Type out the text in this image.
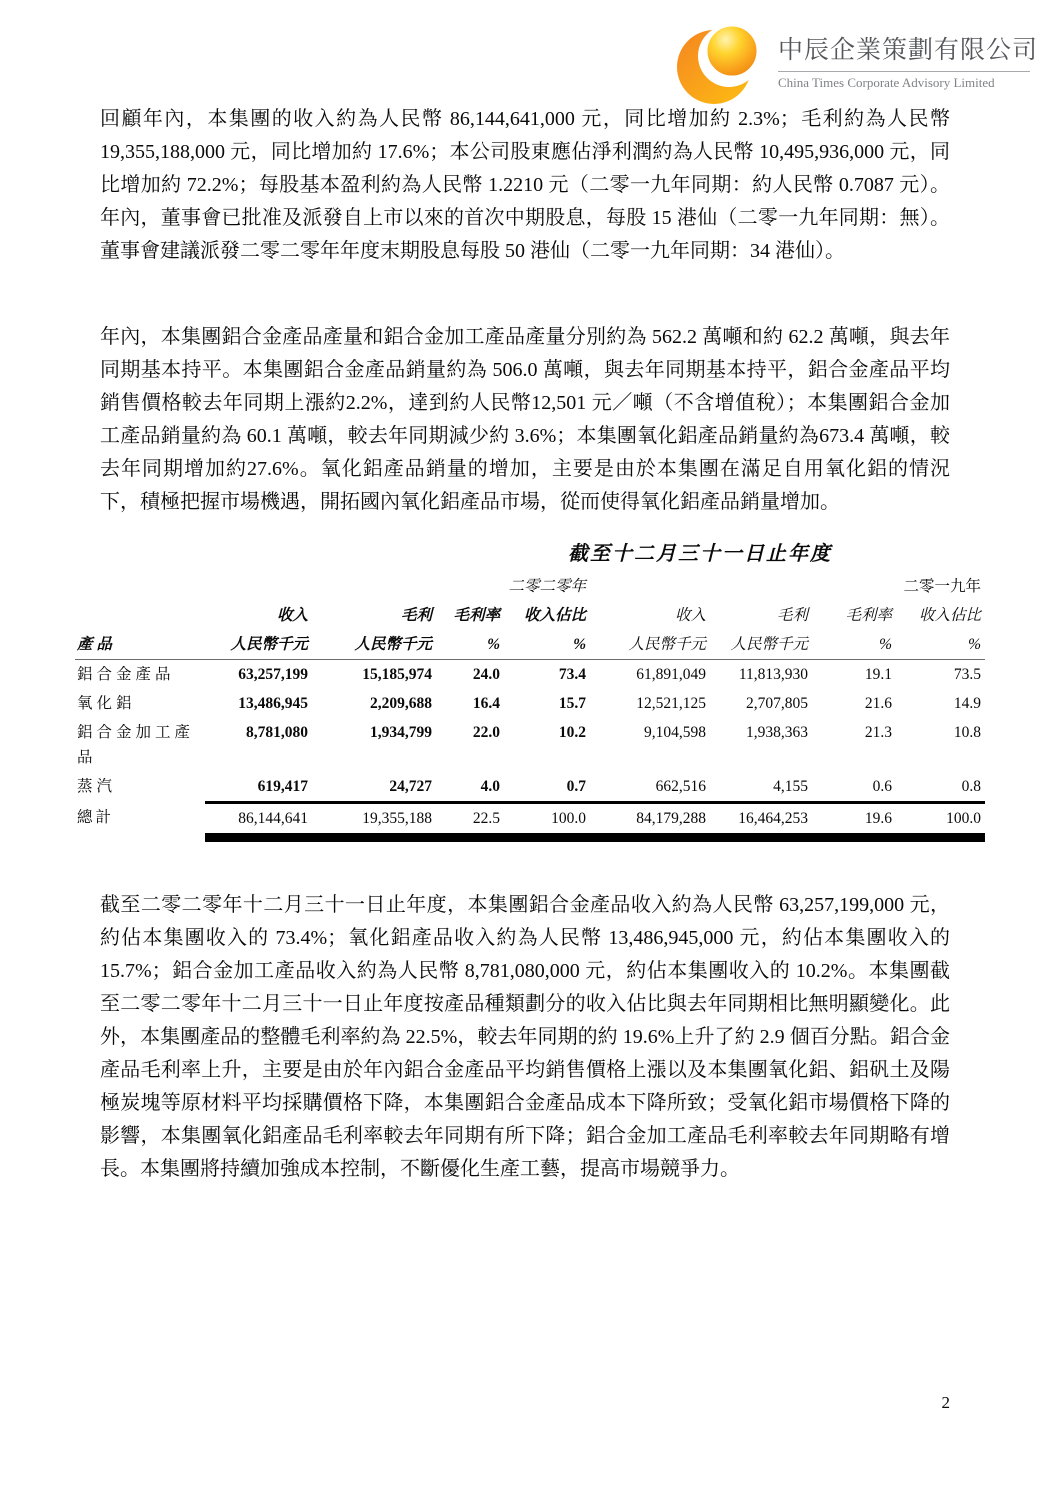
中辰企業策劃有限公司
China Times Corporate Advisory Limited

回顧年內，本集團的收入約為人民幣 86,144,641,000 元，同比增加約 2.3%；毛利約為人民幣 19,355,188,000 元，同比增加約 17.6%；本公司股東應佔淨利潤約為人民幣 10,495,936,000 元，同比增加約 72.2%；每股基本盈利約為人民幣 1.2210 元（二零一九年同期：約人民幣 0.7087 元）。年內，董事會已批准及派發自上市以來的首次中期股息，每股 15 港仙（二零一九年同期：無）。董事會建議派發二零二零年年度末期股息每股 50 港仙（二零一九年同期：34 港仙）。

年內，本集團鋁合金產品產量和鋁合金加工產品產量分別約為 562.2 萬噸和約 62.2 萬噸，與去年同期基本持平。本集團鋁合金產品銷量約為 506.0 萬噸，與去年同期基本持平，鋁合金產品平均銷售價格較去年同期上漲約2.2%，達到約人民幣12,501 元／噸（不含增值稅）；本集團鋁合金加工產品銷量約為 60.1 萬噸，較去年同期減少約 3.6%；本集團氧化鋁產品銷量約為673.4 萬噸，較去年同期增加約27.6%。氧化鋁產品銷量的增加，主要是由於本集團在滿足自用氧化鋁的情況下，積極把握市場機遇，開拓國內氧化鋁產品市場，從而使得氧化鋁產品銷量增加。

截至十二月三十一日止年度
	二零二零年				二零一九年			
	收入	毛利	毛利率	收入佔比	收入	毛利	毛利率	收入佔比
產品	人民幣千元	人民幣千元	%	%	人民幣千元	人民幣千元	%	%
鋁合金產品	63,257,199	15,185,974	24.0	73.4	61,891,049	11,813,930	19.1	73.5
氧化鋁	13,486,945	2,209,688	16.4	15.7	12,521,125	2,707,805	21.6	14.9
鋁合金加工產品	8,781,080	1,934,799	22.0	10.2	9,104,598	1,938,363	21.3	10.8
蒸汽	619,417	24,727	4.0	0.7	662,516	4,155	0.6	0.8
總計	86,144,641	19,355,188	22.5	100.0	84,179,288	16,464,253	19.6	100.0

截至二零二零年十二月三十一日止年度，本集團鋁合金產品收入約為人民幣 63,257,199,000 元，約佔本集團收入的 73.4%；氧化鋁產品收入約為人民幣 13,486,945,000 元，約佔本集團收入的 15.7%；鋁合金加工產品收入約為人民幣 8,781,080,000 元，約佔本集團收入的 10.2%。本集團截至二零二零年十二月三十一日止年度按產品種類劃分的收入佔比與去年同期相比無明顯變化。此外，本集團產品的整體毛利率約為 22.5%，較去年同期的約 19.6%上升了約 2.9 個百分點。鋁合金產品毛利率上升，主要是由於年內鋁合金產品平均銷售價格上漲以及本集團氧化鋁、鋁矾土及陽極炭塊等原材料平均採購價格下降，本集團鋁合金產品成本下降所致；受氧化鋁市場價格下降的影響，本集團氧化鋁產品毛利率較去年同期有所下降；鋁合金加工產品毛利率較去年同期略有增長。本集團將持續加強成本控制，不斷優化生產工藝，提高市場競爭力。

2
